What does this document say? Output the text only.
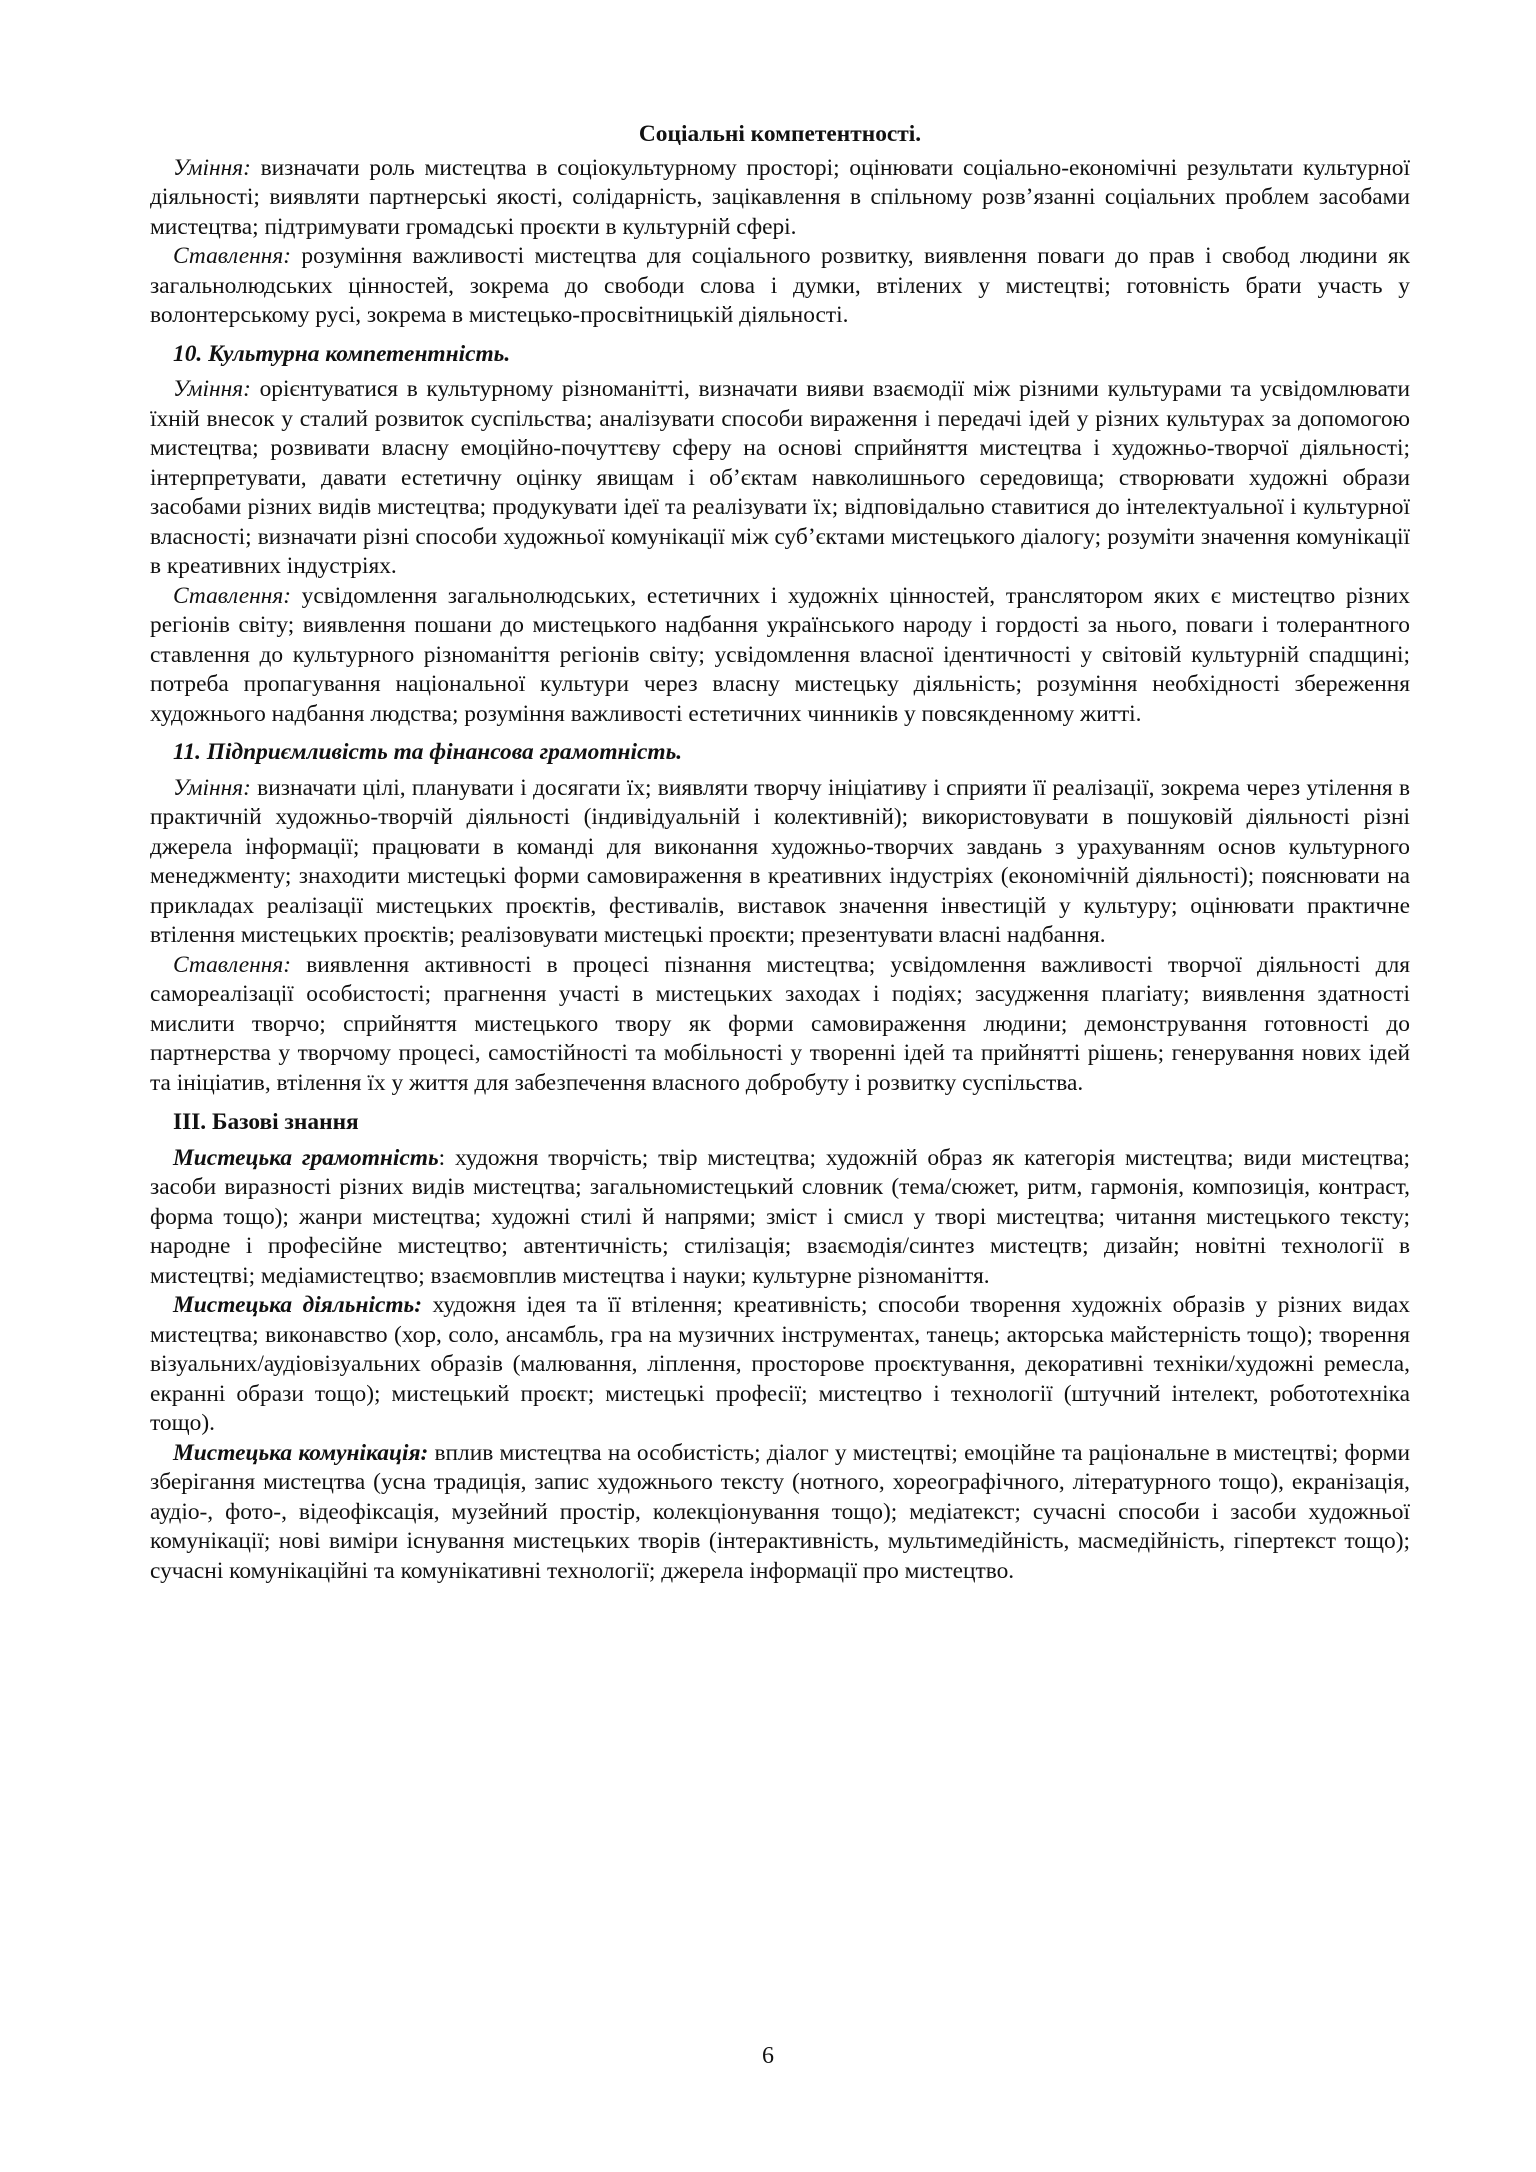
Соціальні компетентності.

Уміння: визначати роль мистецтва в соціокультурному просторі; оцінювати соціально-економічні результати культурної діяльності; виявляти партнерські якості, солідарність, зацікавлення в спільному розв’язанні соціальних проблем засобами мистецтва; підтримувати громадські проєкти в культурній сфері.

Ставлення: розуміння важливості мистецтва для соціального розвитку, виявлення поваги до прав і свобод людини як загальнолюдських цінностей, зокрема до свободи слова і думки, втілених у мистецтві; готовність брати участь у волонтерському русі, зокрема в мистецько-просвітницькій діяльності.

10. Культурна компетентність.

Уміння: орієнтуватися в культурному різноманітті, визначати вияви взаємодії між різними культурами та усвідомлювати їхній внесок у сталий розвиток суспільства; аналізувати способи вираження і передачі ідей у різних культурах за допомогою мистецтва; розвивати власну емоційно-почуттєву сферу на основі сприйняття мистецтва і художньо-творчої діяльності; інтерпретувати, давати естетичну оцінку явищам і об’єктам навколишнього середовища; створювати художні образи засобами різних видів мистецтва; продукувати ідеї та реалізувати їх; відповідально ставитися до інтелектуальної і культурної власності; визначати різні способи художньої комунікації між суб’єктами мистецького діалогу; розуміти значення комунікації в креативних індустріях.

Ставлення: усвідомлення загальнолюдських, естетичних і художніх цінностей, транслятором яких є мистецтво різних регіонів світу; виявлення пошани до мистецького надбання українського народу і гордості за нього, поваги і толерантного ставлення до культурного різноманіття регіонів світу; усвідомлення власної ідентичності у світовій культурній спадщині; потреба пропагування національної культури через власну мистецьку діяльність; розуміння необхідності збереження художнього надбання людства; розуміння важливості естетичних чинників у повсякденному житті.

11. Підприємливість та фінансова грамотність.

Уміння: визначати цілі, планувати і досягати їх; виявляти творчу ініціативу і сприяти її реалізації, зокрема через утілення в практичній художньо-творчій діяльності (індивідуальній і колективній); використовувати в пошуковій діяльності різні джерела інформації; працювати в команді для виконання художньо-творчих завдань з урахуванням основ культурного менеджменту; знаходити мистецькі форми самовираження в креативних індустріях (економічній діяльності); пояснювати на прикладах реалізації мистецьких проєктів, фестивалів, виставок значення інвестицій у культуру; оцінювати практичне втілення мистецьких проєктів; реалізовувати мистецькі проєкти; презентувати власні надбання.

Ставлення: виявлення активності в процесі пізнання мистецтва; усвідомлення важливості творчої діяльності для самореалізації особистості; прагнення участі в мистецьких заходах і подіях; засудження плагіату; виявлення здатності мислити творчо; сприйняття мистецького твору як форми самовираження людини; демонстрування готовності до партнерства у творчому процесі, самостійності та мобільності у творенні ідей та прийнятті рішень; генерування нових ідей та ініціатив, втілення їх у життя для забезпечення власного добробуту і розвитку суспільства.

ІІІ. Базові знання

Мистецька грамотність: художня творчість; твір мистецтва; художній образ як категорія мистецтва; види мистецтва; засоби виразності різних видів мистецтва; загальномистецький словник (тема/сюжет, ритм, гармонія, композиція, контраст, форма тощо); жанри мистецтва; художні стилі й напрями; зміст і смисл у творі мистецтва; читання мистецького тексту; народне і професійне мистецтво; автентичність; стилізація; взаємодія/синтез мистецтв; дизайн; новітні технології в мистецтві; медіамистецтво; взаємовплив мистецтва і науки; культурне різноманіття.

Мистецька діяльність: художня ідея та її втілення; креативність; способи творення художніх образів у різних видах мистецтва; виконавство (хор, соло, ансамбль, гра на музичних інструментах, танець; акторська майстерність тощо); творення візуальних/аудіовізуальних образів (малювання, ліплення, просторове проєктування, декоративні техніки/художні ремесла, екранні образи тощо); мистецький проєкт; мистецькі професії; мистецтво і технології (штучний інтелект, робототехніка тощо).

Мистецька комунікація: вплив мистецтва на особистість; діалог у мистецтві; емоційне та раціональне в мистецтві; форми зберігання мистецтва (усна традиція, запис художнього тексту (нотного, хореографічного, літературного тощо), екранізація, аудіо-, фото-, відеофіксація, музейний простір, колекціонування тощо); медіатекст; сучасні способи і засоби художньої комунікації; нові виміри існування мистецьких творів (інтерактивність, мультимедійність, масмедійність, гіпертекст тощо); сучасні комунікаційні та комунікативні технології; джерела інформації про мистецтво.

6
